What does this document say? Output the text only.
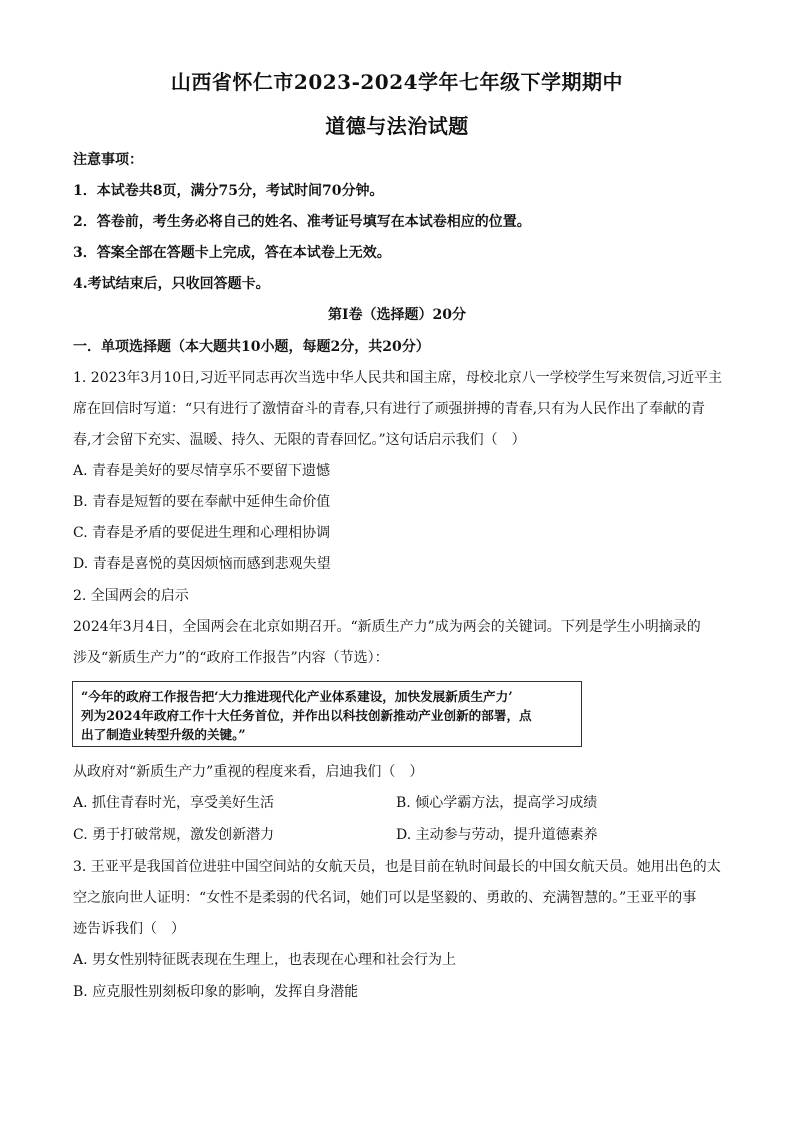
山西省怀仁市2023-2024学年七年级下学期期中
道德与法治试题
注意事项：
1．本试卷共8页，满分75分，考试时间70分钟。
2．答卷前，考生务必将自己的姓名、准考证号填写在本试卷相应的位置。
3．答案全部在答题卡上完成，答在本试卷上无效。
4.考试结束后，只收回答题卡。
第Ⅰ卷（选择题）20分
一．单项选择题（本大题共10小题，每题2分，共20分）
1. 2023年3月10日,习近平同志再次当选中华人民共和国主席，母校北京八一学校学生写来贺信,习近平主
席在回信时写道：“只有进行了激情奋斗的青春,只有进行了顽强拼搏的青春,只有为人民作出了奉献的青
春,才会留下充实、温暖、持久、无限的青春回忆。”这句话启示我们（　）
A. 青春是美好的要尽情享乐不要留下遗憾
B. 青春是短暂的要在奉献中延伸生命价值
C. 青春是矛盾的要促进生理和心理相协调
D. 青春是喜悦的莫因烦恼而感到悲观失望
2. 全国两会的启示
2024年3月4日，全国两会在北京如期召开。“新质生产力”成为两会的关键词。下列是学生小明摘录的
涉及“新质生产力”的“政府工作报告”内容（节选）：
“今年的政府工作报告把‘大力推进现代化产业体系建设，加快发展新质生产力’
列为2024年政府工作十大任务首位，并作出以科技创新推动产业创新的部署，点
出了制造业转型升级的关键。”
从政府对“新质生产力”重视的程度来看，启迪我们（　）
A. 抓住青春时光，享受美好生活	B. 倾心学霸方法，提高学习成绩
C. 勇于打破常规，激发创新潜力	D. 主动参与劳动，提升道德素养
3. 王亚平是我国首位进驻中国空间站的女航天员，也是目前在轨时间最长的中国女航天员。她用出色的太
空之旅向世人证明：“女性不是柔弱的代名词，她们可以是坚毅的、勇敢的、充满智慧的。”王亚平的事
迹告诉我们（　）
A. 男女性别特征既表现在生理上，也表现在心理和社会行为上
B. 应克服性别刻板印象的影响，发挥自身潜能
